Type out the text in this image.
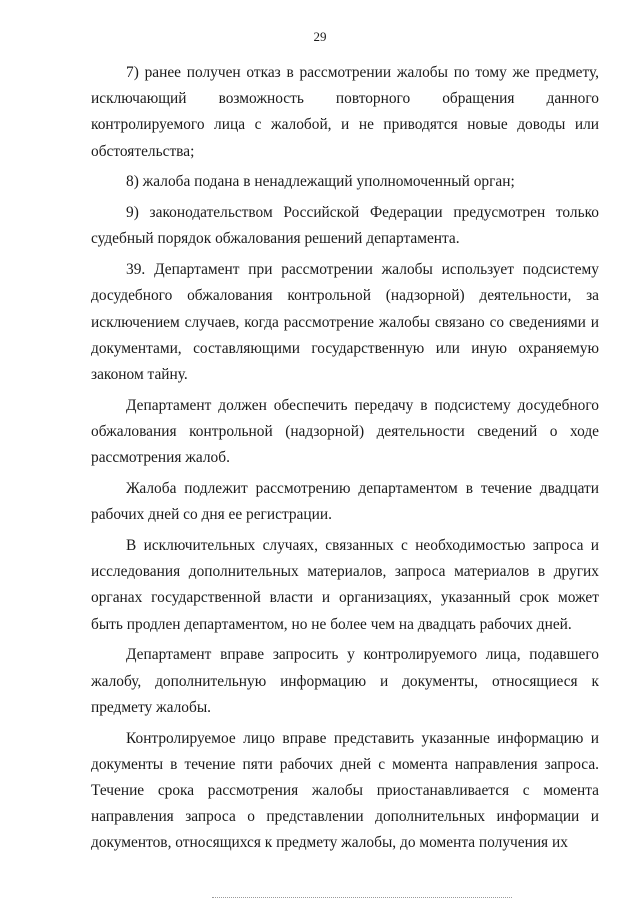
29

7) ранее получен отказ в рассмотрении жалобы по тому же предмету, исключающий возможность повторного обращения данного контролируемого лица с жалобой, и не приводятся новые доводы или обстоятельства;

8) жалоба подана в ненадлежащий уполномоченный орган;

9) законодательством Российской Федерации предусмотрен только судебный порядок обжалования решений департамента.

39. Департамент при рассмотрении жалобы использует подсистему досудебного обжалования контрольной (надзорной) деятельности, за исключением случаев, когда рассмотрение жалобы связано со сведениями и документами, составляющими государственную или иную охраняемую законом тайну.

Департамент должен обеспечить передачу в подсистему досудебного обжалования контрольной (надзорной) деятельности сведений о ходе рассмотрения жалоб.

Жалоба подлежит рассмотрению департаментом в течение двадцати рабочих дней со дня ее регистрации.

В исключительных случаях, связанных с необходимостью запроса и исследования дополнительных материалов, запроса материалов в других органах государственной власти и организациях, указанный срок может быть продлен департаментом, но не более чем на двадцать рабочих дней.

Департамент вправе запросить у контролируемого лица, подавшего жалобу, дополнительную информацию и документы, относящиеся к предмету жалобы.

Контролируемое лицо вправе представить указанные информацию и документы в течение пяти рабочих дней с момента направления запроса. Течение срока рассмотрения жалобы приостанавливается с момента направления запроса о представлении дополнительных информации и документов, относящихся к предмету жалобы, до момента получения их
